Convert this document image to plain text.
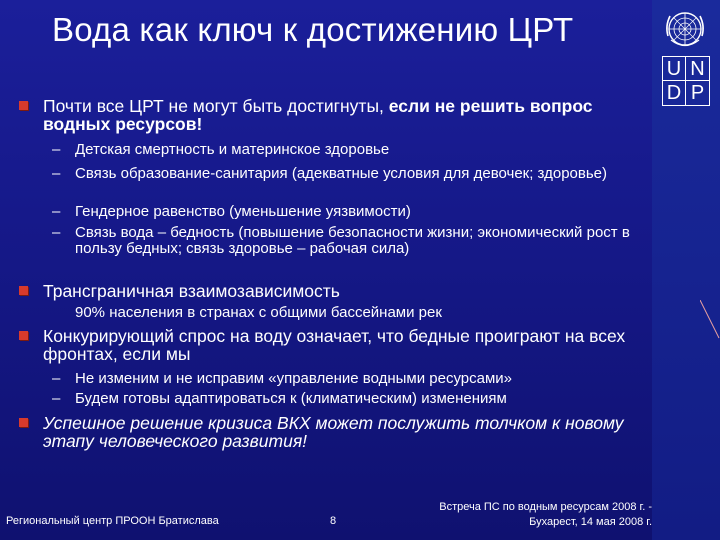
Вода как ключ к достижению ЦРТ
U N
D P
Почти все ЦРТ не могут быть достигнуты, если не решить вопрос водных ресурсов!
– Детская смертность и материнское здоровье
– Связь образование-санитария (адекватные условия для девочек; здоровье)
– Гендерное равенство (уменьшение уязвимости)
– Связь вода – бедность (повышение безопасности жизни; экономический рост в пользу бедных; связь здоровье – рабочая сила)
Трансграничная взаимозависимость
90% населения в странах с общими бассейнами рек
Конкурирующий спрос на воду означает, что бедные проиграют на всех фронтах, если мы
– Не изменим и не исправим «управление водными ресурсами»
– Будем готовы адаптироваться к (климатическим) изменениям
Успешное решение кризиса ВКХ может послужить толчком к новому этапу человеческого развития!
Региональный центр ПРООН Братислава	8
Встреча ПС по водным ресурсам 2008 г. -
Бухарест, 14 мая 2008 г.
